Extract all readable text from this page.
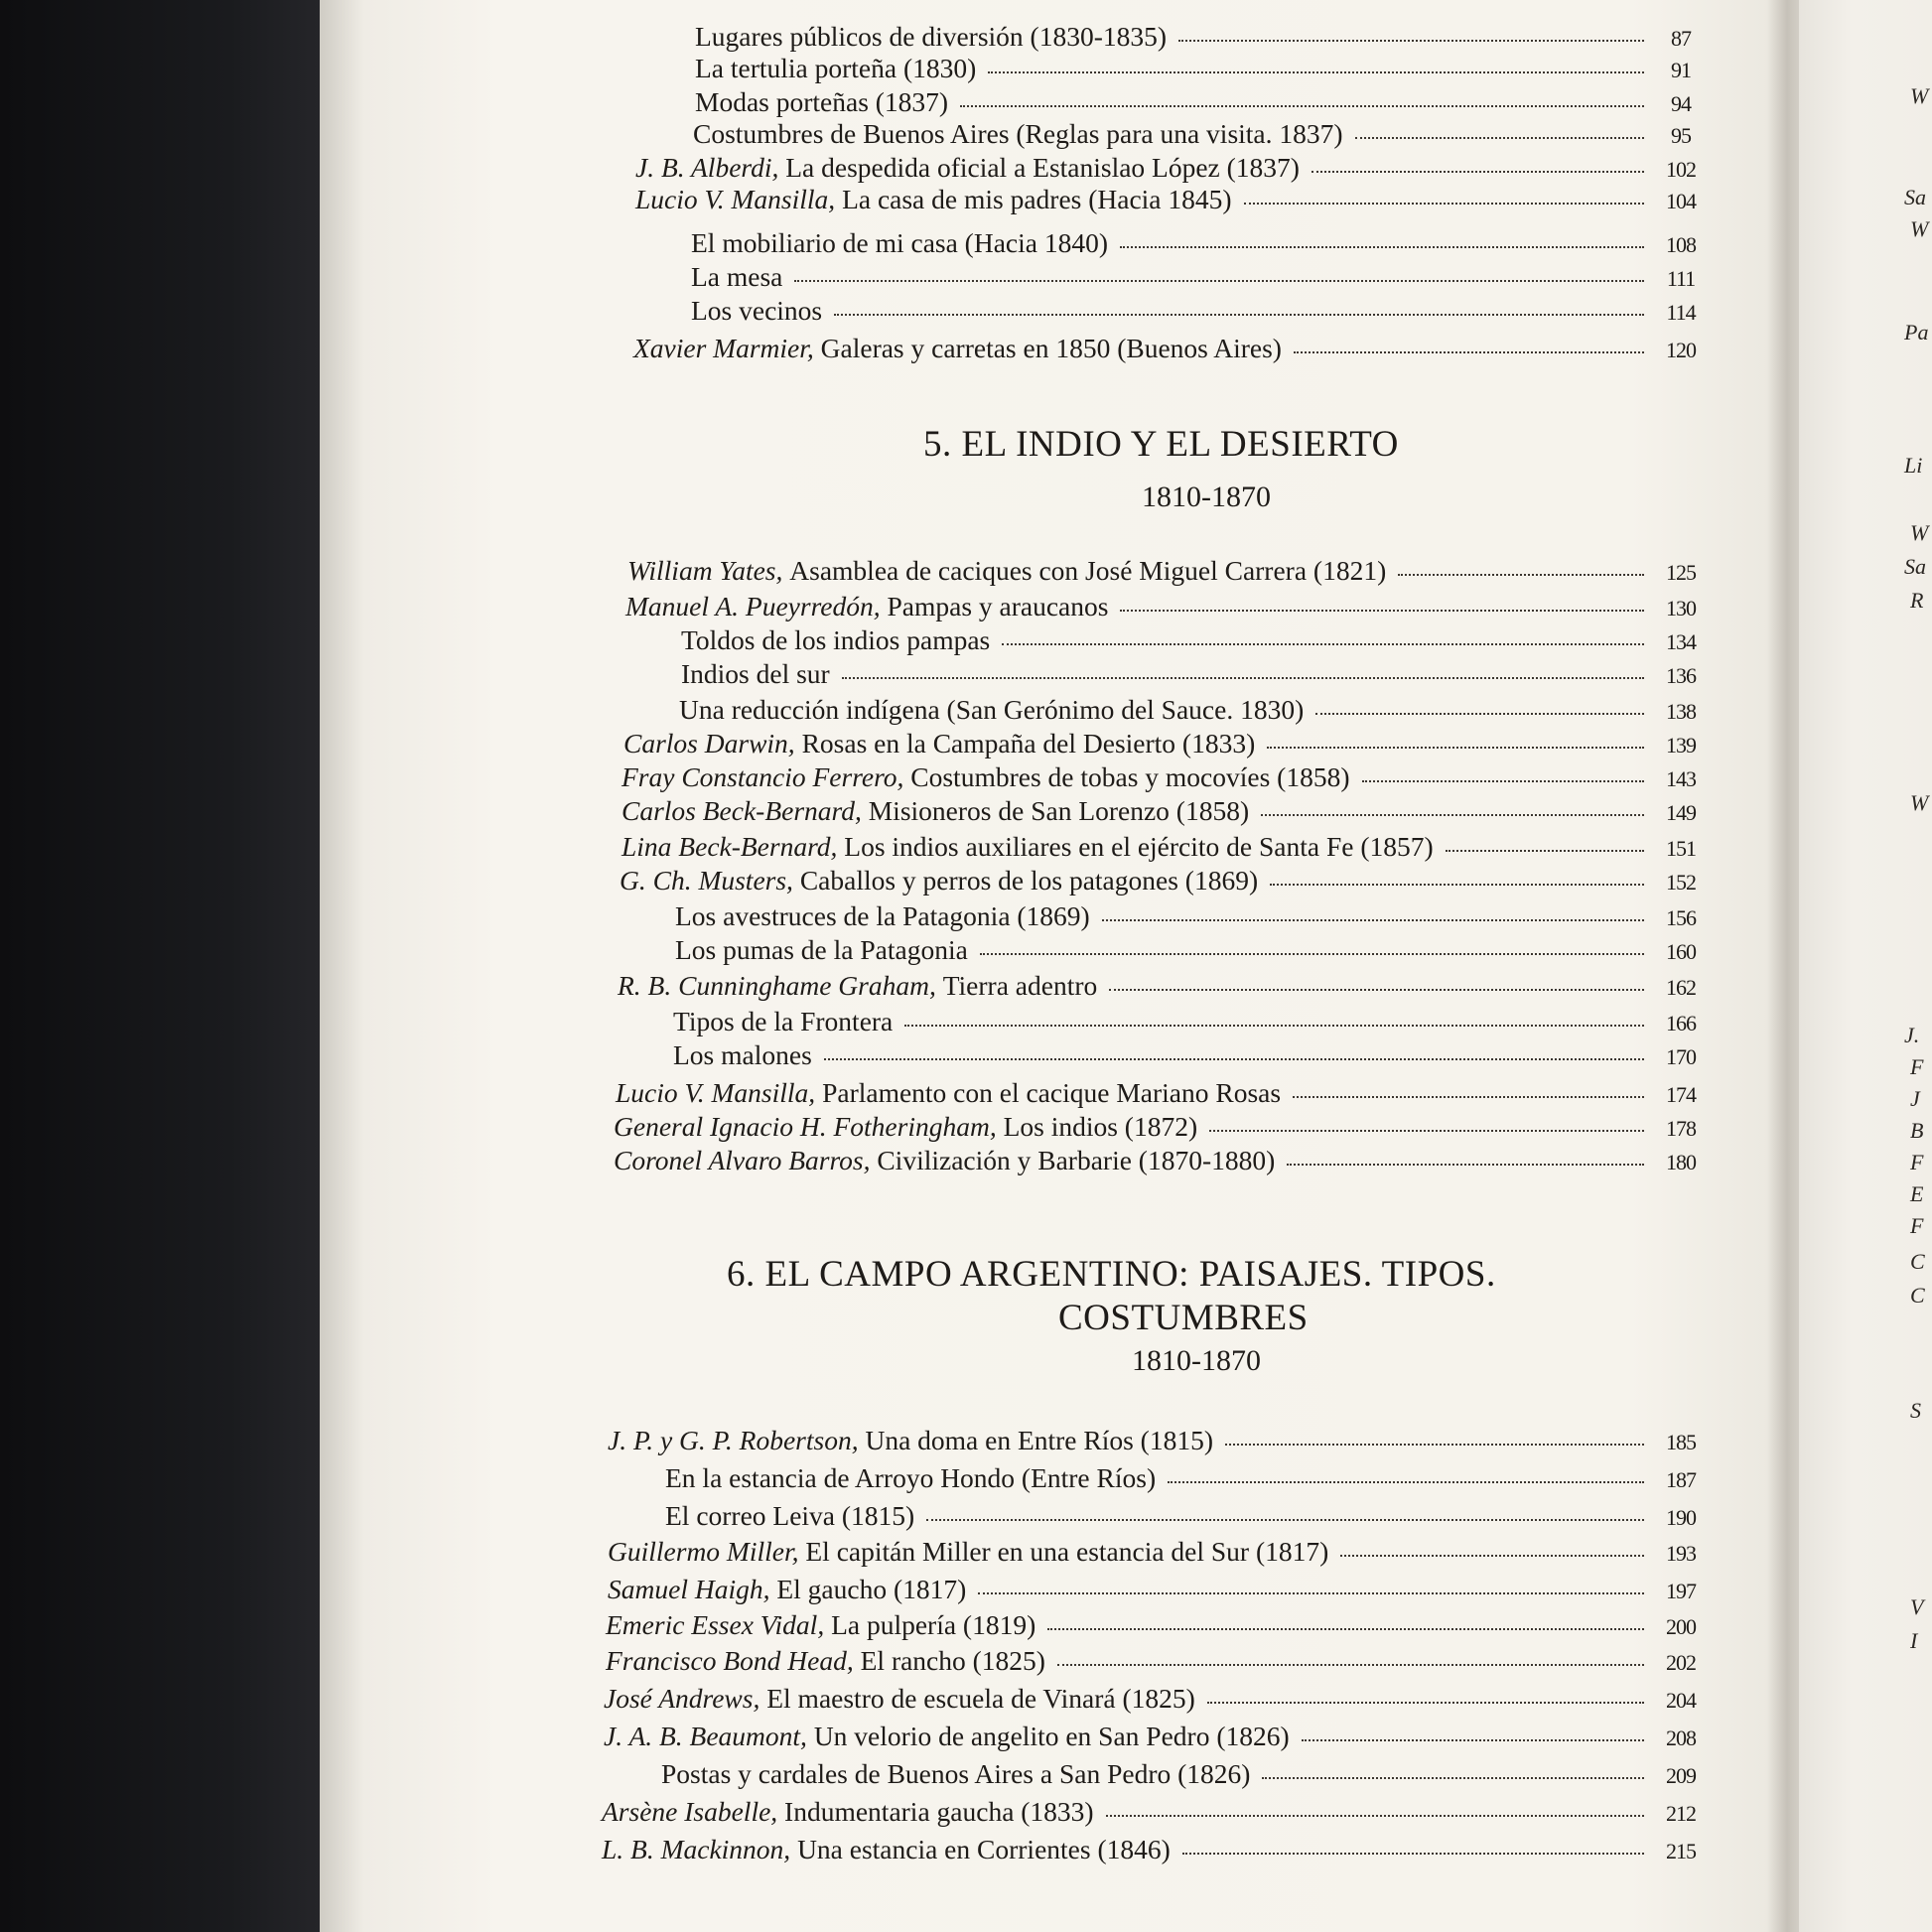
W
Sa
W
Pa
Li
W
Sa
R
W
J.
F
J
B
F
E
F
C
C
S
V
I
Lugares públicos de diversión (1830-1835)	87
La tertulia porteña (1830)	91
Modas porteñas (1837)	94
Costumbres de Buenos Aires (Reglas para una visita. 1837)	95
J. B. Alberdi, La despedida oficial a Estanislao López (1837)	102
Lucio V. Mansilla, La casa de mis padres (Hacia 1845)	104
El mobiliario de mi casa (Hacia 1840)	108
La mesa	111
Los vecinos	114
Xavier Marmier, Galeras y carretas en 1850 (Buenos Aires)	120
William Yates, Asamblea de caciques con José Miguel Carrera (1821)	125
Manuel A. Pueyrredón, Pampas y araucanos	130
Toldos de los indios pampas	134
Indios del sur	136
Una reducción indígena (San Gerónimo del Sauce. 1830)	138
Carlos Darwin, Rosas en la Campaña del Desierto (1833)	139
Fray Constancio Ferrero, Costumbres de tobas y mocovíes (1858)	143
Carlos Beck-Bernard, Misioneros de San Lorenzo (1858)	149
Lina Beck-Bernard, Los indios auxiliares en el ejército de Santa Fe (1857)	151
G. Ch. Musters, Caballos y perros de los patagones (1869)	152
Los avestruces de la Patagonia (1869)	156
Los pumas de la Patagonia	160
R. B. Cunninghame Graham, Tierra adentro	162
Tipos de la Frontera	166
Los malones	170
Lucio V. Mansilla, Parlamento con el cacique Mariano Rosas	174
General Ignacio H. Fotheringham, Los indios (1872)	178
Coronel Alvaro Barros, Civilización y Barbarie (1870-1880)	180
J. P. y G. P. Robertson, Una doma en Entre Ríos (1815)	185
En la estancia de Arroyo Hondo (Entre Ríos)	187
El correo Leiva (1815)	190
Guillermo Miller, El capitán Miller en una estancia del Sur (1817)	193
Samuel Haigh, El gaucho (1817)	197
Emeric Essex Vidal, La pulpería (1819)	200
Francisco Bond Head, El rancho (1825)	202
José Andrews, El maestro de escuela de Vinará (1825)	204
J. A. B. Beaumont, Un velorio de angelito en San Pedro (1826)	208
Postas y cardales de Buenos Aires a San Pedro (1826)	209
Arsène Isabelle, Indumentaria gaucha (1833)	212
L. B. Mackinnon, Una estancia en Corrientes (1846)	215
5. EL INDIO Y EL DESIERTO
1810-1870
6. EL CAMPO ARGENTINO: PAISAJES. TIPOS.
COSTUMBRES
1810-1870
